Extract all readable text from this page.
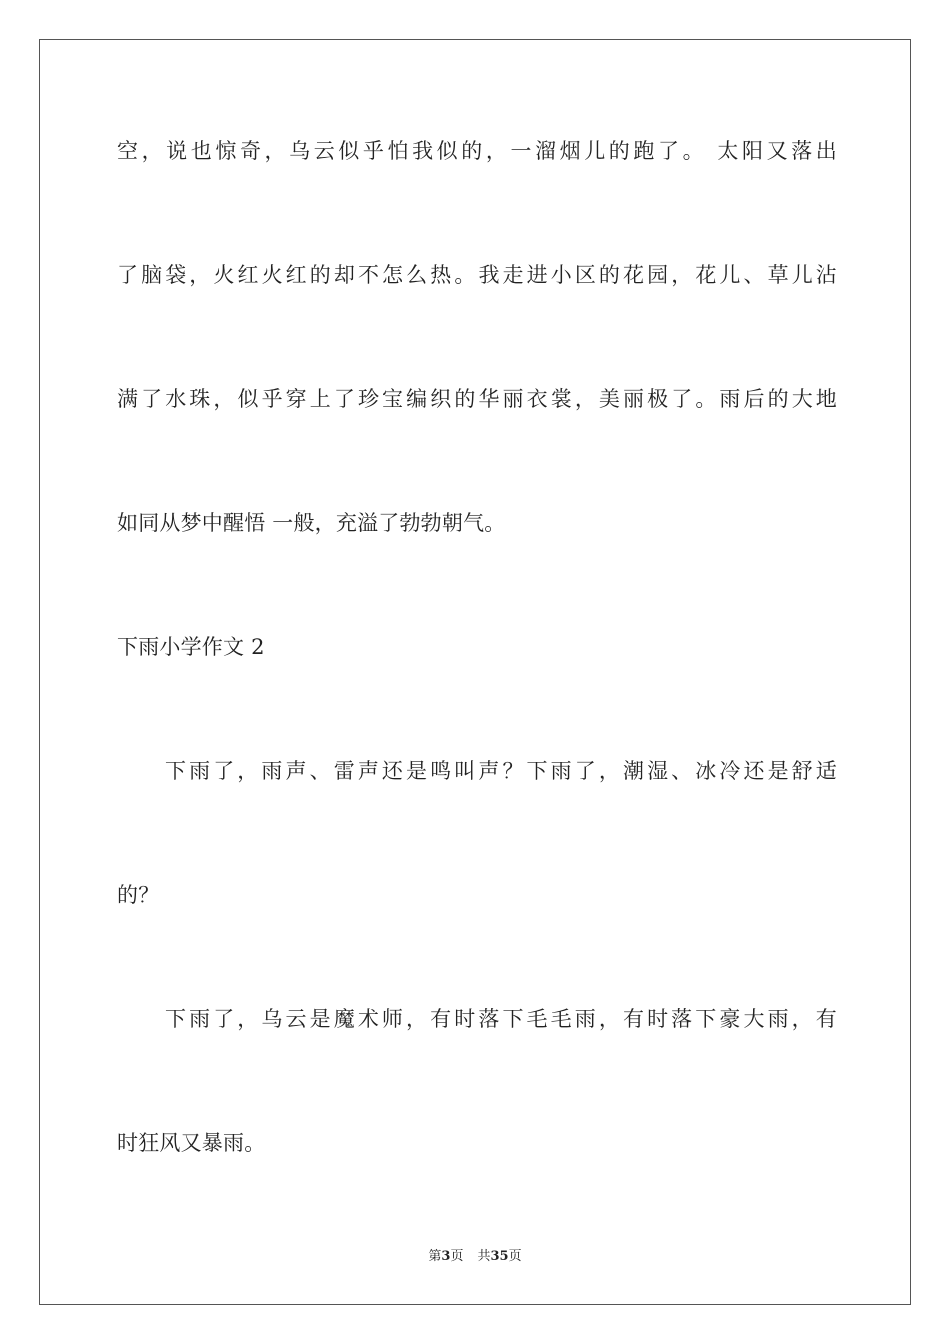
空，说也惊奇，乌云似乎怕我似的，一溜烟儿的跑了。 太阳又落出
了脑袋，火红火红的却不怎么热。我走进小区的花园，花儿、草儿沾
满了水珠，似乎穿上了珍宝编织的华丽衣裳，美丽极了。雨后的大地
如同从梦中醒悟 一般，充溢了勃勃朝气。
下雨小学作文 2
下雨了，雨声、雷声还是鸣叫声？下雨了，潮湿、冰冷还是舒适
的？
下雨了，乌云是魔术师，有时落下毛毛雨，有时落下豪大雨，有
时狂风又暴雨。
第3页 共35页
